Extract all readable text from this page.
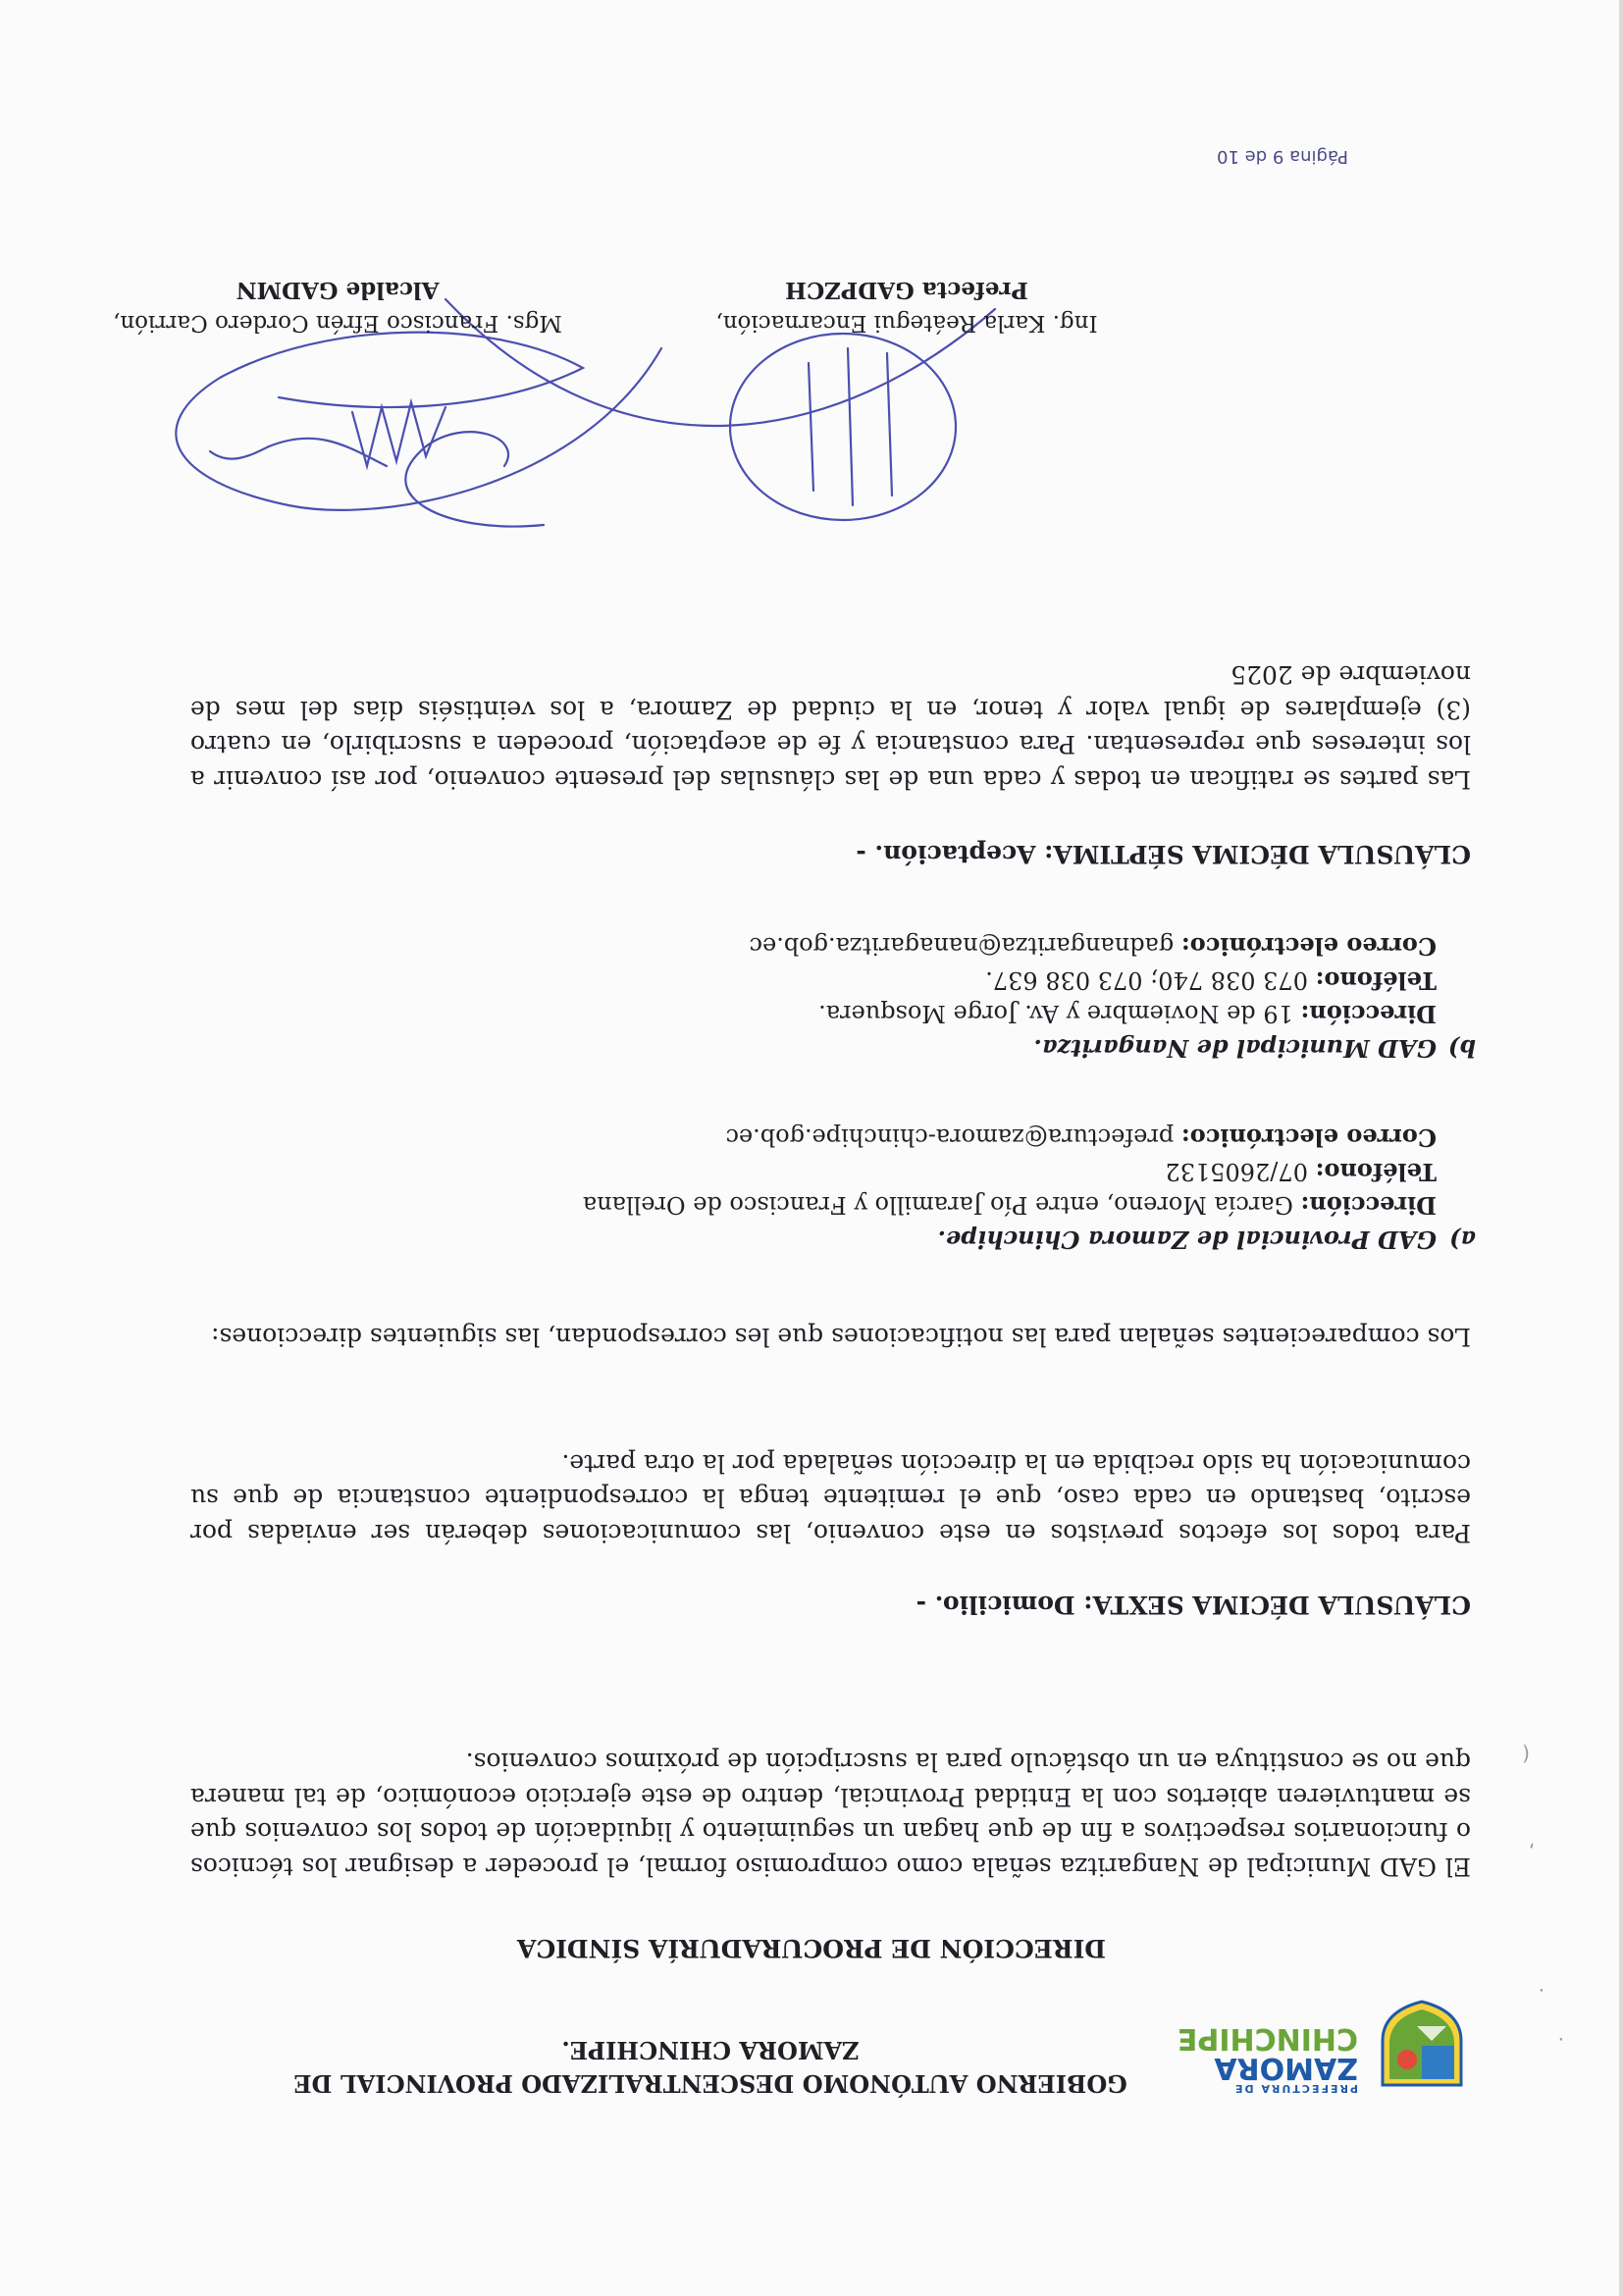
PREFECTURA DE
ZAMORA
CHINCHIPE
GOBIERNO AUTÓNOMO DESCENTRALIZADO PROVINCIAL DE
ZAMORA CHINCHIPE.
DIRECCIÓN DE PROCURADURÍA SÍNDICA
El GAD Municipal de Nangaritza señala como compromiso formal, el proceder a designar los técnicos o funcionarios respectivos a fin de que hagan un seguimiento y liquidación de todos los convenios que se mantuvieren abiertos con la Entidad Provincial, dentro de este ejercicio económico, de tal manera que no se constituya en un obstáculo para la suscripción de próximos convenios.
CLÁUSULA DÉCIMA SEXTA: Domicilio. -
Para todos los efectos previstos en este convenio, las comunicaciones deberán ser enviadas por escrito, bastando en cada caso, que el remitente tenga la correspondiente constancia de que su comunicación ha sido recibida en la dirección señalada por la otra parte.
Los comparecientes señalan para las notificaciones que les correspondan, las siguientes direcciones:
a)
GAD Provincial de Zamora Chinchipe.
Dirección: García Moreno, entre Pío Jaramillo y Francisco de Orellana
Teléfono: 07/2605132
Correo electrónico: prefectura@zamora-chinchipe.gob.ec
b)
GAD Municipal de Nangaritza.
Dirección: 19 de Noviembre y Av. Jorge Mosquera.
Teléfono: 073 038 740; 073 038 637.
Correo electrónico: gadnangaritza@nanagaritza.gob.ec
CLÁUSULA DÉCIMA SÉPTIMA: Aceptación. -
Las partes se ratifican en todas y cada una de las cláusulas del presente convenio, por así convenir a los intereses que representan. Para constancia y fe de aceptación, proceden a suscribirlo, en cuatro (3) ejemplares de igual valor y tenor, en la ciudad de Zamora, a los veintiséis días del mes de noviembre de 2025
Ing. Karla Reátegui Encarnación,
Prefecta GADPZCH
Mgs. Francisco Efrén Cordero Carrión,
Alcalde GADMN
Página 9 de 10
·
·
,
(
